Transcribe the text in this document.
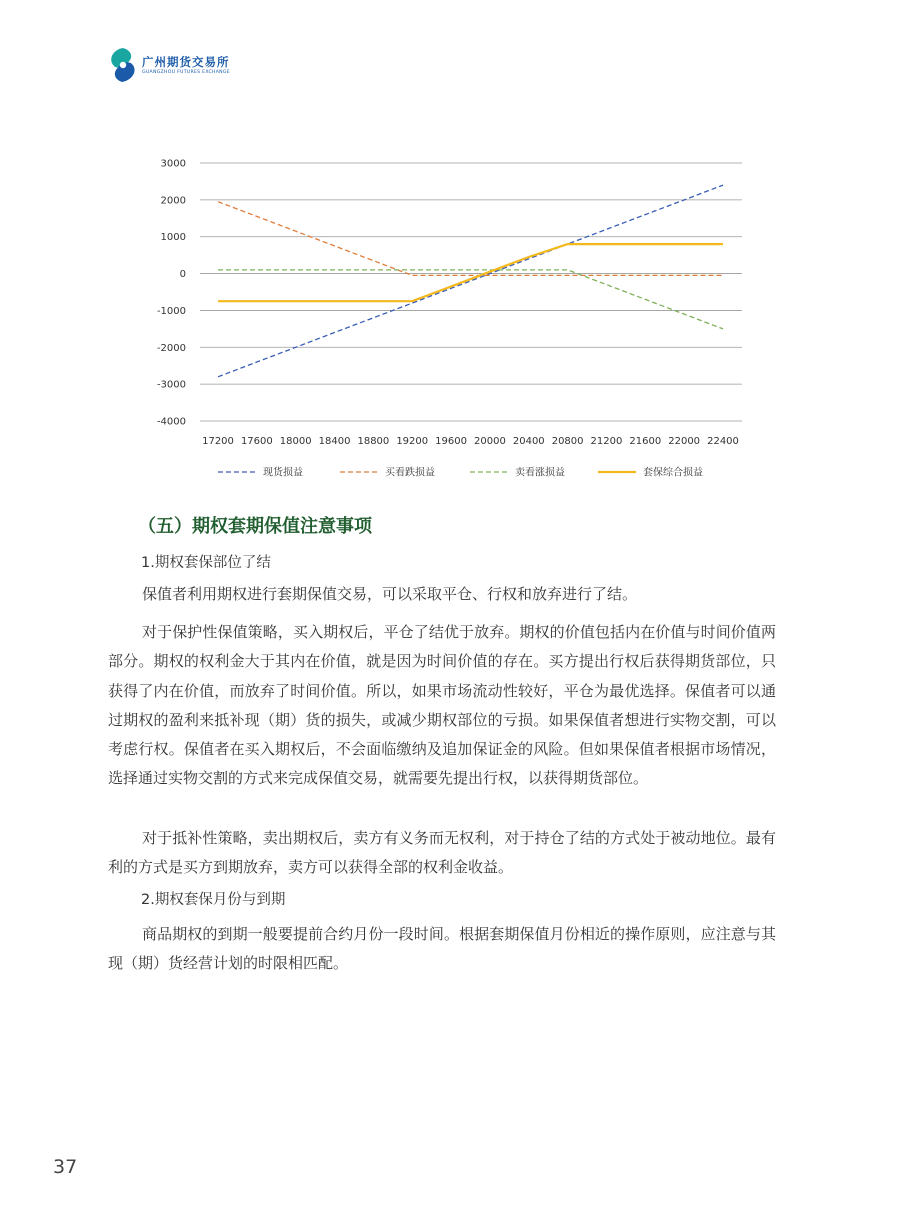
广州期货交易所
GUANGZHOU FUTURES EXCHANGE
3000
2000
1000
0
-1000
-2000
-3000
-4000
17200 17600 18000 18400 18800 19200 19600 20000 20400 20800 21200 21600 22000 22400
现货损益	买看跌损益	卖看涨损益	套保综合损益
（五）期权套期保值注意事项
1.期权套保部位了结

保值者利用期权进行套期保值交易，可以采取平仓、行权和放弃进行了结。

对于保护性保值策略，买入期权后，平仓了结优于放弃。期权的价值包括内在价值与时间价值两部分。期权的权利金大于其内在价值，就是因为时间价值的存在。买方提出行权后获得期货部位，只获得了内在价值，而放弃了时间价值。所以，如果市场流动性较好，平仓为最优选择。保值者可以通过期权的盈利来抵补现（期）货的损失，或减少期权部位的亏损。如果保值者想进行实物交割，可以考虑行权。保值者在买入期权后，不会面临缴纳及追加保证金的风险。但如果保值者根据市场情况，选择通过实物交割的方式来完成保值交易，就需要先提出行权，以获得期货部位。

对于抵补性策略，卖出期权后，卖方有义务而无权利，对于持仓了结的方式处于被动地位。最有利的方式是买方到期放弃，卖方可以获得全部的权利金收益。

2.期权套保月份与到期

商品期权的到期一般要提前合约月份一段时间。根据套期保值月份相近的操作原则，应注意与其现（期）货经营计划的时限相匹配。

37
